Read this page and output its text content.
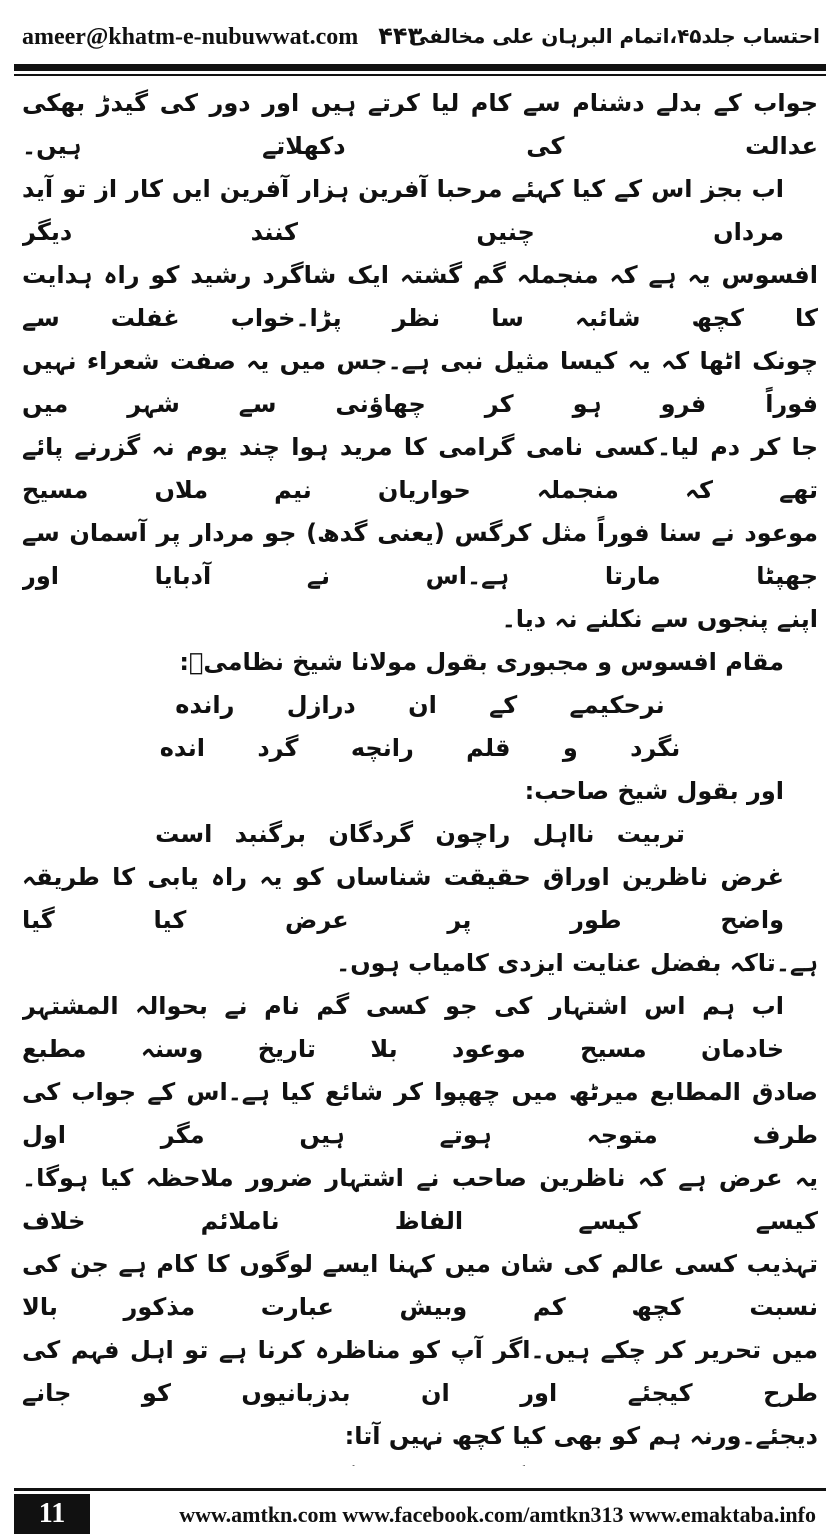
ameer@khatm-e-nubuwwat.com ۴۴۳
احتساب جلد۴۵،اتمام البرہان علی مخالفی

جواب کے بدلے دشنام سے کام لیا کرتے ہیں اور دور کی گیدڑ بھکی عدالت کی دکھلاتے ہیں۔

اب بجز اس کے کیا کہئے مرحبا آفرین ہزار آفرین ایں کار از تو آید مرداں چنیں کنند دیگر

افسوس یہ ہے کہ منجملہ گم گشتہ ایک شاگرد رشید کو راہ ہدایت کا کچھ شائبہ سا نظر پڑا۔خواب غفلت سے

چونک اٹھا کہ یہ کیسا مثیل نبی ہے۔جس میں یہ صفت شعراء نہیں فوراً فرو ہو کر چھاؤنی سے شہر میں

جا کر دم لیا۔کسی نامی گرامی کا مرید ہوا چند یوم نہ گزرنے پائے تھے کہ منجملہ حواریان نیم ملاں مسیح

موعود نے سنا فوراً مثل کرگس (یعنی گدھ) جو مردار پر آسمان سے جھپٹا مارتا ہے۔اس نے آدبایا اور

اپنے پنجوں سے نکلنے نہ دیا۔

مقام افسوس و مجبوری بقول مولانا شیخ نظامیؒ:

نرحکیمے کے ان درازل رانده

نگرد و قلم رانچه گرد انده

اور بقول شیخ صاحب:

تربیت نااہل راچون گردگان برگنبد است

غرض ناظرین اوراق حقیقت شناساں کو یہ راہ یابی کا طریقہ واضح طور پر عرض کیا گیا

ہے۔تاکہ بفضل عنایت ایزدی کامیاب ہوں۔

اب ہم اس اشتہار کی جو کسی گم نام نے بحوالہ المشتہر خادمان مسیح موعود بلا تاریخ وسنہ مطبع

صادق المطابع میرٹھ میں چھپوا کر شائع کیا ہے۔اس کے جواب کی طرف متوجہ ہوتے ہیں مگر اول

یہ عرض ہے کہ ناظرین صاحب نے اشتہار ضرور ملاحظہ کیا ہوگا۔کیسے کیسے الفاظ ناملائم خلاف

تہذیب کسی عالم کی شان میں کہنا ایسے لوگوں کا کام ہے جن کی نسبت کچھ کم وبیش عبارت مذکور بالا

میں تحریر کر چکے ہیں۔اگر آپ کو مناظرہ کرنا ہے تو اہل فہم کی طرح کیجئے اور ان بدزبانیوں کو جانے

دیجئے۔ورنہ ہم کو بھی کیا کچھ نہیں آتا:

11	www.amtkn.com www.facebook.com/amtkn313 www.emaktaba.info
